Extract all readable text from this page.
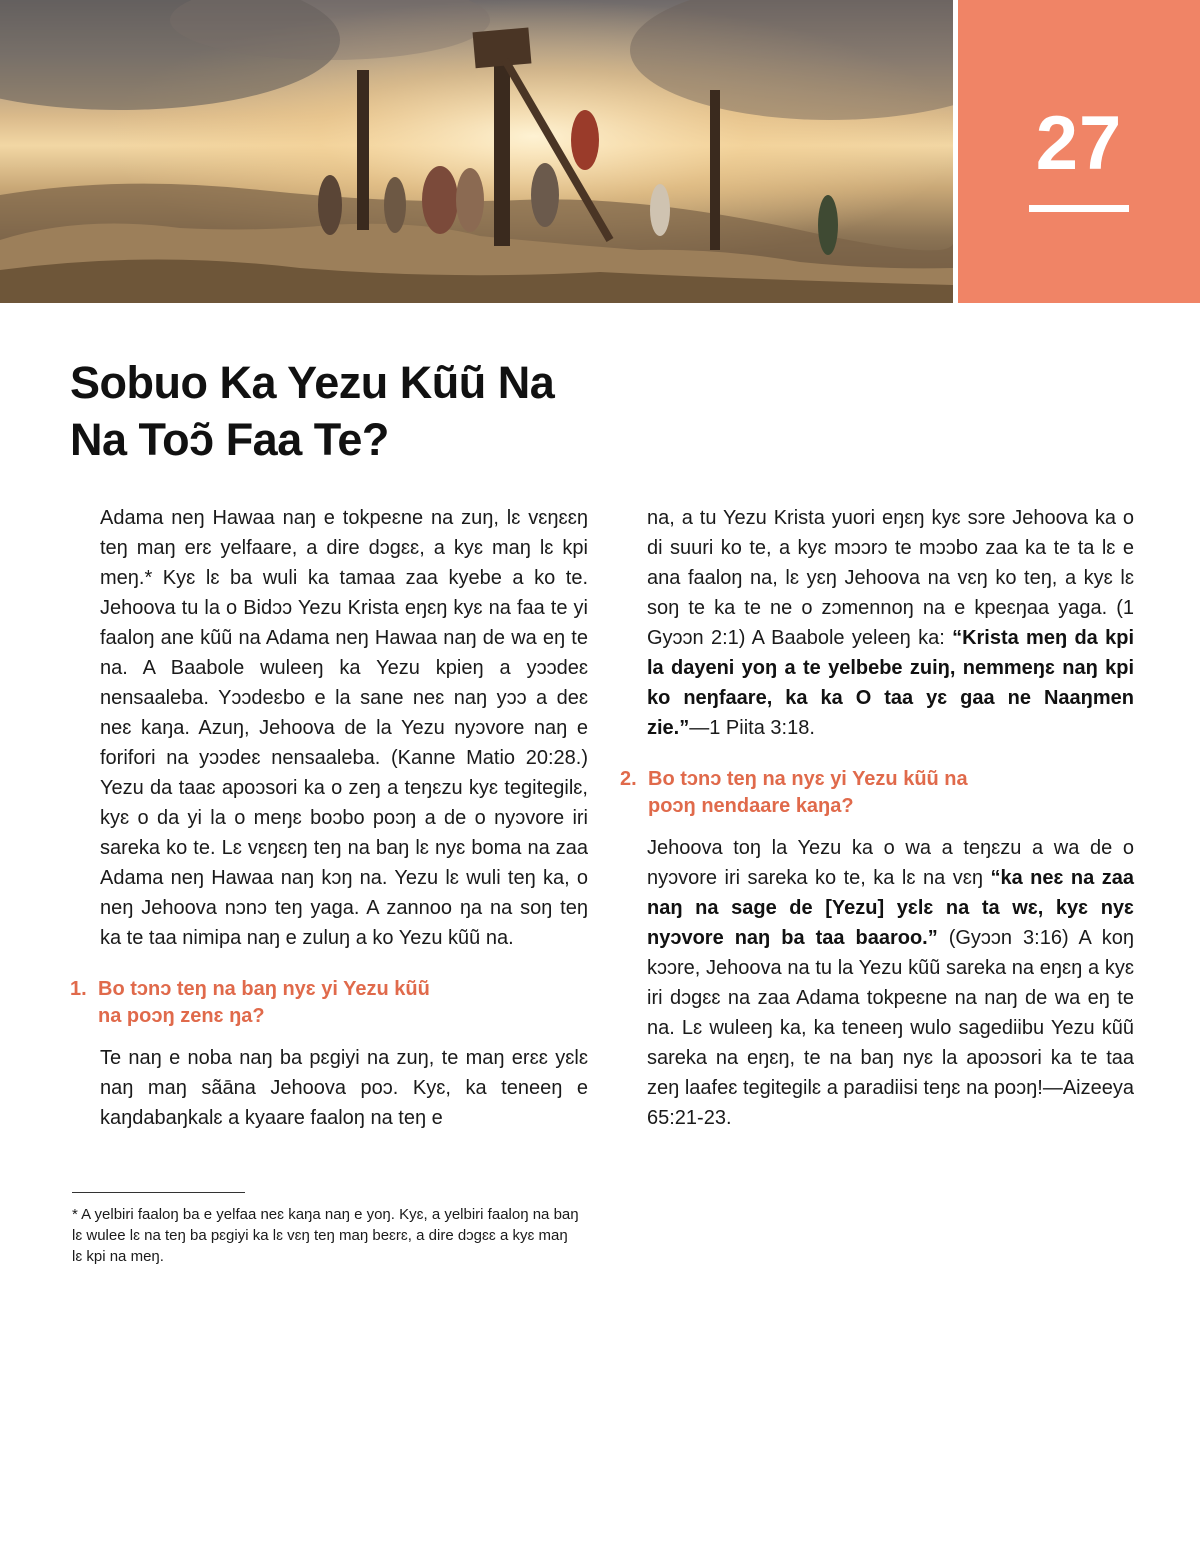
27
Sobuo Ka Yezu Kũũ Na
Na Toɔ̃ Faa Te?

Adama neŋ Hawaa naŋ e tokpeɛne na zuŋ, lɛ vɛŋɛɛŋ teŋ maŋ erɛ yelfaare, a dire dɔgɛɛ, a kyɛ maŋ lɛ kpi meŋ.* Kyɛ lɛ ba wuli ka tamaa zaa kyebe a ko te. Jehoova tu la o Bidɔɔ Yezu Krista eŋɛŋ kyɛ na faa te yi faaloŋ ane kũũ na Adama neŋ Hawaa naŋ de wa eŋ te na. A Baabole wuleeŋ ka Yezu kpieŋ a yɔɔdeɛ nensaaleba. Yɔɔdeɛbo e la sane neɛ naŋ yɔɔ a deɛ neɛ kaŋa. Azuŋ, Jehoova de la Yezu nyɔvore naŋ e forifori na yɔɔdeɛ nensaaleba. (Kanne Matio 20:28.) Yezu da taaɛ apoɔsori ka o zeŋ a teŋɛzu kyɛ tegitegilɛ, kyɛ o da yi la o meŋɛ boɔbo poɔŋ a de o nyɔvore iri sareka ko te. Lɛ vɛŋɛɛŋ teŋ na baŋ lɛ nyɛ boma na zaa Adama neŋ Hawaa naŋ kɔŋ na. Yezu lɛ wuli teŋ ka, o neŋ Jehoova nɔnɔ teŋ yaga. A zannoo ŋa na soŋ teŋ ka te taa nimipa naŋ e zuluŋ a ko Yezu kũũ na.

1. Bo tɔnɔ teŋ na baŋ nyɛ yi Yezu kũũ
na poɔŋ zenɛ ŋa?

Te naŋ e noba naŋ ba pɛgiyi na zuŋ, te maŋ erɛɛ yɛlɛ naŋ maŋ sãāna Jehoova poɔ. Kyɛ, ka teneeŋ e kaŋdabaŋkalɛ a kyaare faaloŋ na teŋ e

* A yelbiri faaloŋ ba e yelfaa neɛ kaŋa naŋ e yoŋ. Kyɛ, a yelbiri faaloŋ na baŋ lɛ wulee lɛ na teŋ ba pɛgiyi ka lɛ vɛŋ teŋ maŋ beɛrɛ, a dire dɔgɛɛ a kyɛ maŋ lɛ kpi na meŋ.

na, a tu Yezu Krista yuori eŋɛŋ kyɛ sɔre Jehoova ka o di suuri ko te, a kyɛ mɔɔrɔ te mɔɔbo zaa ka te ta lɛ e ana faaloŋ na, lɛ yɛŋ Jehoova na vɛŋ ko teŋ, a kyɛ lɛ soŋ te ka te ne o zɔmennoŋ na e kpeɛŋaa yaga. (1 Gyɔɔn 2:1) A Baabole yeleeŋ ka: “Krista meŋ da kpi la dayeni yoŋ a te yelbebe zuiŋ, nemmeŋɛ naŋ kpi ko neŋfaare, ka ka O taa yɛ gaa ne Naaŋmen zie.”—1 Piita 3:18.

2. Bo tɔnɔ teŋ na nyɛ yi Yezu kũũ na
poɔŋ nendaare kaŋa?

Jehoova toŋ la Yezu ka o wa a teŋɛzu a wa de o nyɔvore iri sareka ko te, ka lɛ na vɛŋ “ka neɛ na zaa naŋ na sage de [Yezu] yɛlɛ na ta wɛ, kyɛ nyɛ nyɔvore naŋ ba taa baaroo.” (Gyɔɔn 3:16) A koŋ kɔɔre, Jehoova na tu la Yezu kũũ sareka na eŋɛŋ a kyɛ iri dɔgɛɛ na zaa Adama tokpeɛne na naŋ de wa eŋ te na. Lɛ wuleeŋ ka, ka teneeŋ wulo sagediibu Yezu kũũ sareka na eŋɛŋ, te na baŋ nyɛ la apoɔsori ka te taa zeŋ laafeɛ tegitegilɛ a paradiisi teŋɛ na poɔŋ!—Aizeeya 65:21-23.
